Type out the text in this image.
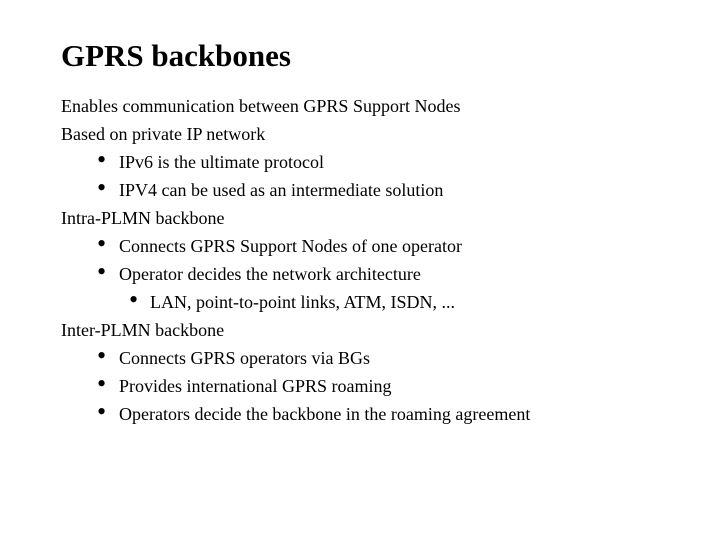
GPRS backbones
Enables communication between GPRS Support Nodes
Based on private IP network
• IPv6 is the ultimate protocol
• IPV4 can be used as an intermediate solution
Intra-PLMN backbone
• Connects GPRS Support Nodes of one operator
• Operator decides the network architecture
• LAN, point-to-point links, ATM, ISDN, ...
Inter-PLMN backbone
• Connects GPRS operators via BGs
• Provides international GPRS roaming
• Operators decide the backbone in the roaming agreement
